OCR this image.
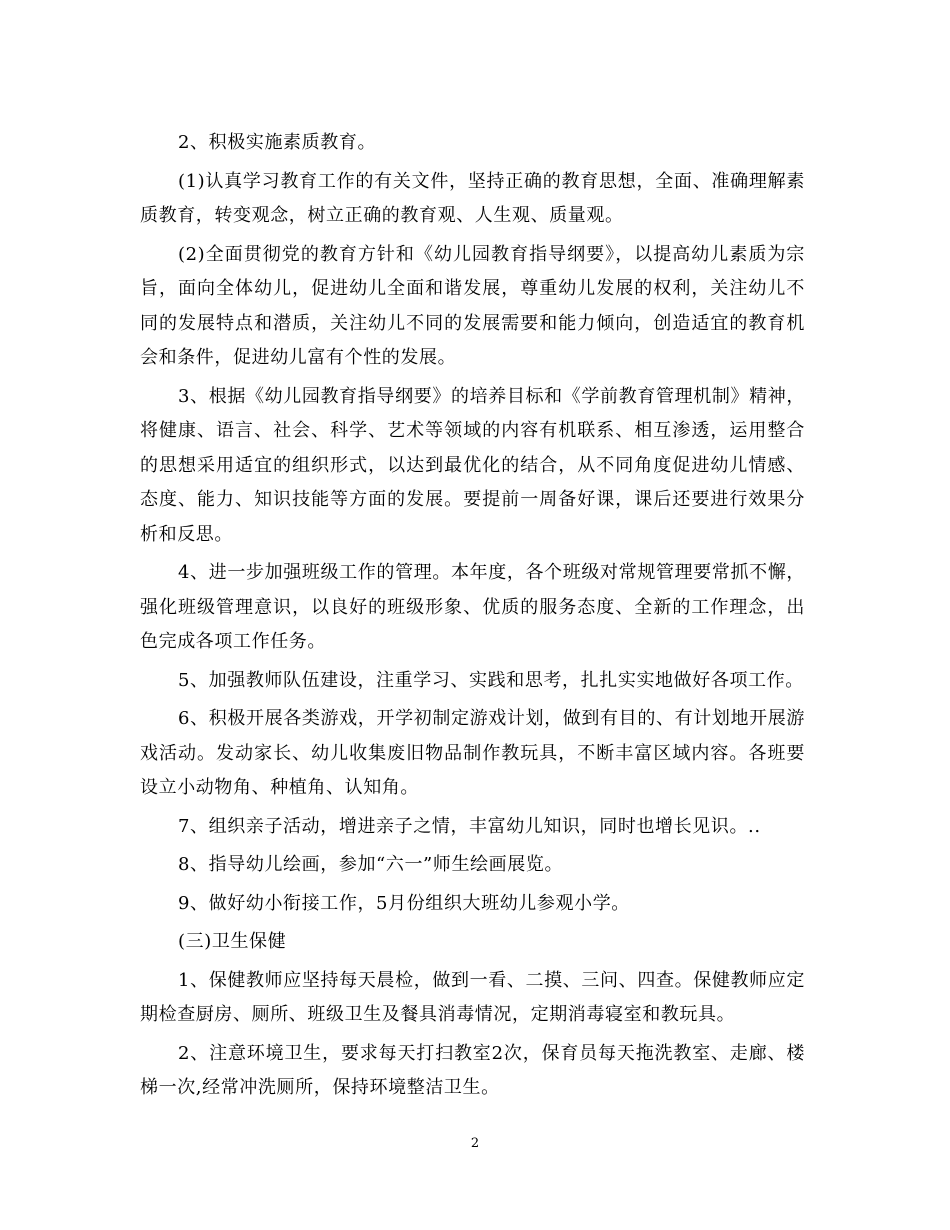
2、积极实施素质教育。

(1)认真学习教育工作的有关文件，坚持正确的教育思想，全面、准确理解素质教育，转变观念，树立正确的教育观、人生观、质量观。

(2)全面贯彻党的教育方针和《幼儿园教育指导纲要》，以提高幼儿素质为宗旨，面向全体幼儿，促进幼儿全面和谐发展，尊重幼儿发展的权利，关注幼儿不同的发展特点和潜质，关注幼儿不同的发展需要和能力倾向，创造适宜的教育机会和条件，促进幼儿富有个性的发展。

3、根据《幼儿园教育指导纲要》的培养目标和《学前教育管理机制》精神，将健康、语言、社会、科学、艺术等领域的内容有机联系、相互渗透，运用整合的思想采用适宜的组织形式，以达到最优化的结合，从不同角度促进幼儿情感、态度、能力、知识技能等方面的发展。要提前一周备好课，课后还要进行效果分析和反思。

4、进一步加强班级工作的管理。本年度，各个班级对常规管理要常抓不懈，强化班级管理意识，以良好的班级形象、优质的服务态度、全新的工作理念，出色完成各项工作任务。

5、加强教师队伍建设，注重学习、实践和思考，扎扎实实地做好各项工作。

6、积极开展各类游戏，开学初制定游戏计划，做到有目的、有计划地开展游戏活动。发动家长、幼儿收集废旧物品制作教玩具，不断丰富区域内容。各班要设立小动物角、种植角、认知角。

7、组织亲子活动，增进亲子之情，丰富幼儿知识，同时也增长见识。..

8、指导幼儿绘画，参加“六一”师生绘画展览。

9、做好幼小衔接工作，5月份组织大班幼儿参观小学。

(三)卫生保健

1、保健教师应坚持每天晨检，做到一看、二摸、三问、四查。保健教师应定期检查厨房、厕所、班级卫生及餐具消毒情况，定期消毒寝室和教玩具。

2、注意环境卫生，要求每天打扫教室2次，保育员每天拖洗教室、走廊、楼梯一次,经常冲洗厕所，保持环境整洁卫生。

2
